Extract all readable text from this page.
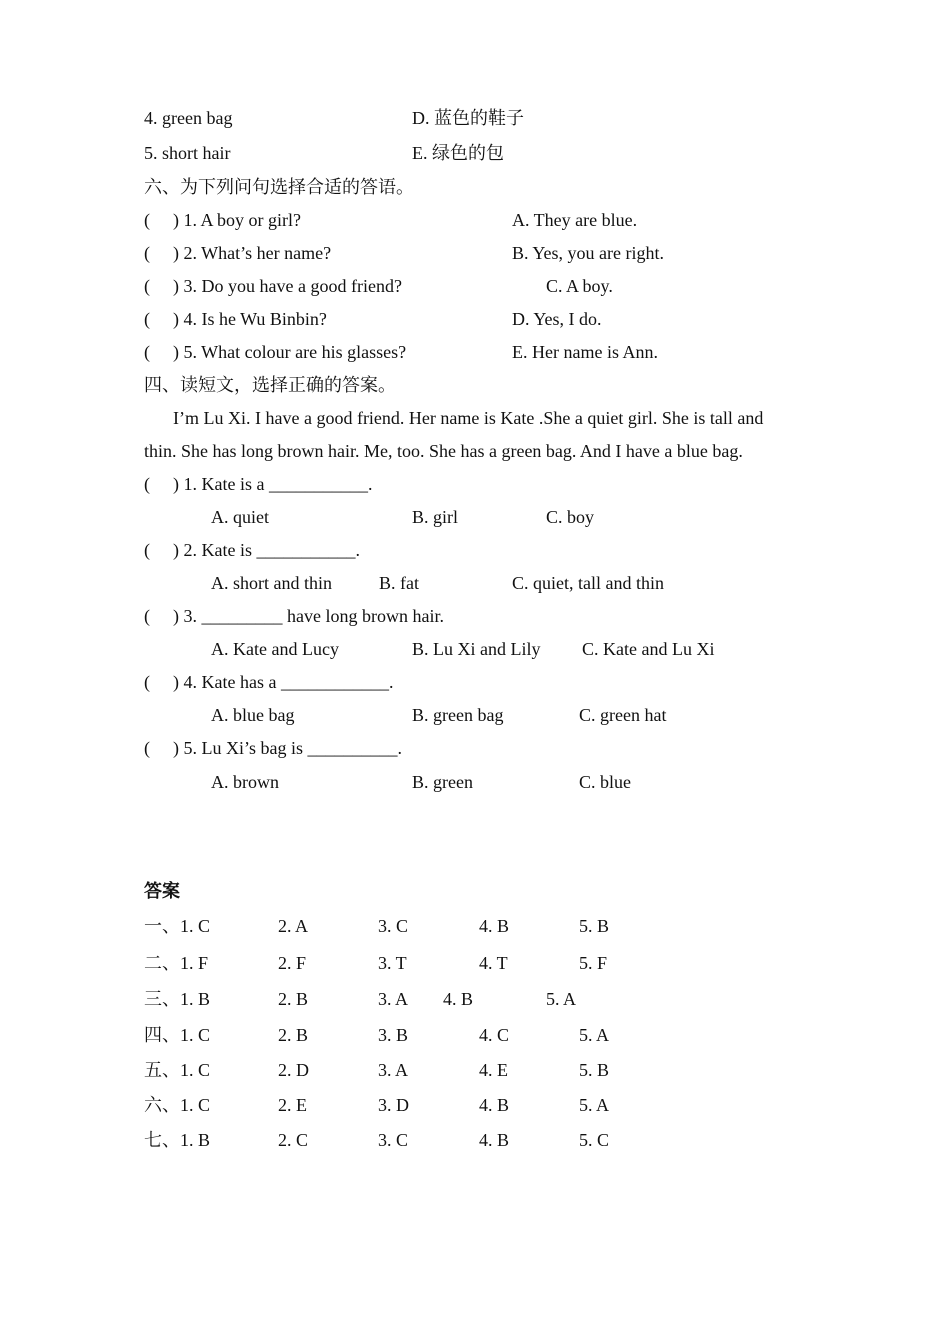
4. green bag	D. 蓝色的鞋子
5. short hair	E. 绿色的包
六、为下列问句选择合适的答语。
( ) 1. A boy or girl?	A. They are blue.
( ) 2. What’s her name?	B. Yes, you are right.
( ) 3. Do you have a good friend?	C. A boy.
( ) 4. Is he Wu Binbin?	D. Yes, I do.
( ) 5. What colour are his glasses?	E. Her name is Ann.
四、读短文，选择正确的答案。
I’m Lu Xi. I have a good friend. Her name is Kate .She a quiet girl. She is tall and
thin. She has long brown hair. Me, too. She has a green bag. And I have a blue bag.
( ) 1. Kate is a ___________.
A. quiet	B. girl	C. boy
( ) 2. Kate is ___________.
A. short and thin	B. fat	C. quiet, tall and thin
( ) 3. _________ have long brown hair.
A. Kate and Lucy	B. Lu Xi and Lily C. Kate and Lu Xi
( ) 4. Kate has a ____________.
A. blue bag	B. green bag	C. green hat
( ) 5. Lu Xi’s bag is __________.
A. brown	B. green	C. blue
答案
一、1. C	2. A	3. C	4. B	5. B
二、1. F	2. F	3. T	4. T	5. F
三、1. B	2. B	3. A 4. B	5. A
四、1. C	2. B	3. B	4. C	5. A
五、1. C	2. D	3. A	4. E	5. B
六、1. C	2. E	3. D	4. B	5. A
七、1. B	2. C	3. C	4. B	5. C
